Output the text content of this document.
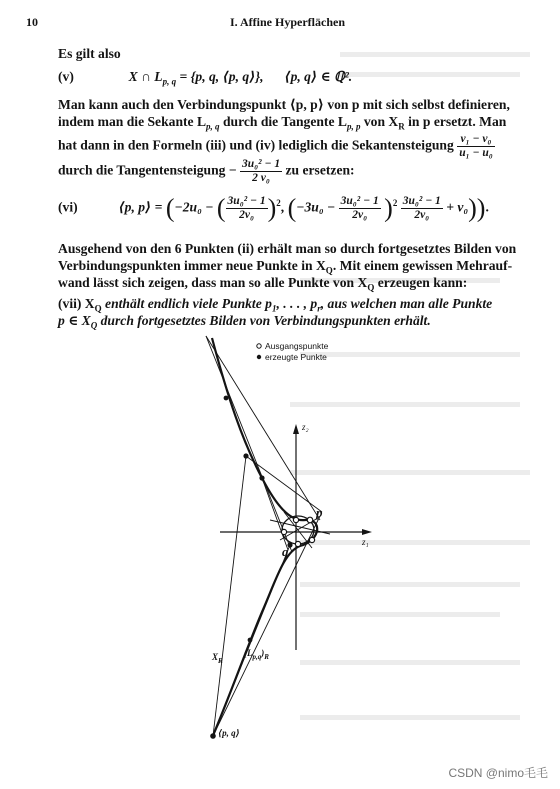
10	I. Affine Hyperflächen
Es gilt also
(v)	X ∩ $L_{p, q} = \{p$, q, ⟨p, q⟩}, ⟨p, q⟩ ∈ ℚ².
Man kann auch den Verbindungspunkt ⟨p, p⟩ von p mit sich selbst definieren,
indem man die Sekante $L_{p, q}$ durch die Tangente $L_{p, p}$ von $X_R$ in p ersetzt. Man
hat dann in den Formeln (iii) und (iv) lediglich die Sekantensteigung $\frac{\text{v₁ − v₀}}{\text{u₁ − u₀}}$
durch die Tangentensteigung − $\frac{\text{3u₀² − 1}}{\text{2 v₀}}$ zu ersetzen:
(vi)	⟨p, p⟩ = (−2u₀ − ( $\frac{\text{3u₀² − 1}}{\text{2v₀}} )^2$, $(-3u_0 - \frac{\text{3u₀² − 1}}{\text{2v₀}} )^2 \frac{\text{3u₀² − 1}}{\text{2v₀}} + v_0$)).
Ausgehend von den 6 Punkten (ii) erhält man so durch fortgesetztes Bilden von
Verbindungspunkten immer neue Punkte in $X_Q$. Mit einem gewissen Mehrauf-
wand lässt sich zeigen, dass man so alle Punkte von $X_Q$ erzeugen kann:
(vii) $X_Q$ enthält endlich viele Punkte $p_1$, . . . , $p_r$, aus welchen man alle Punkte
p ∈ $X_Q$ durch fortgesetztes Bilden von Verbindungspunkten erhält.
Ausgangspunkte
erzeugte Punkte
z₂
z₁
p
q
$X_R$
$(L_{p,q})_R$
⟨p, q⟩
CSDN @nimo毛毛
